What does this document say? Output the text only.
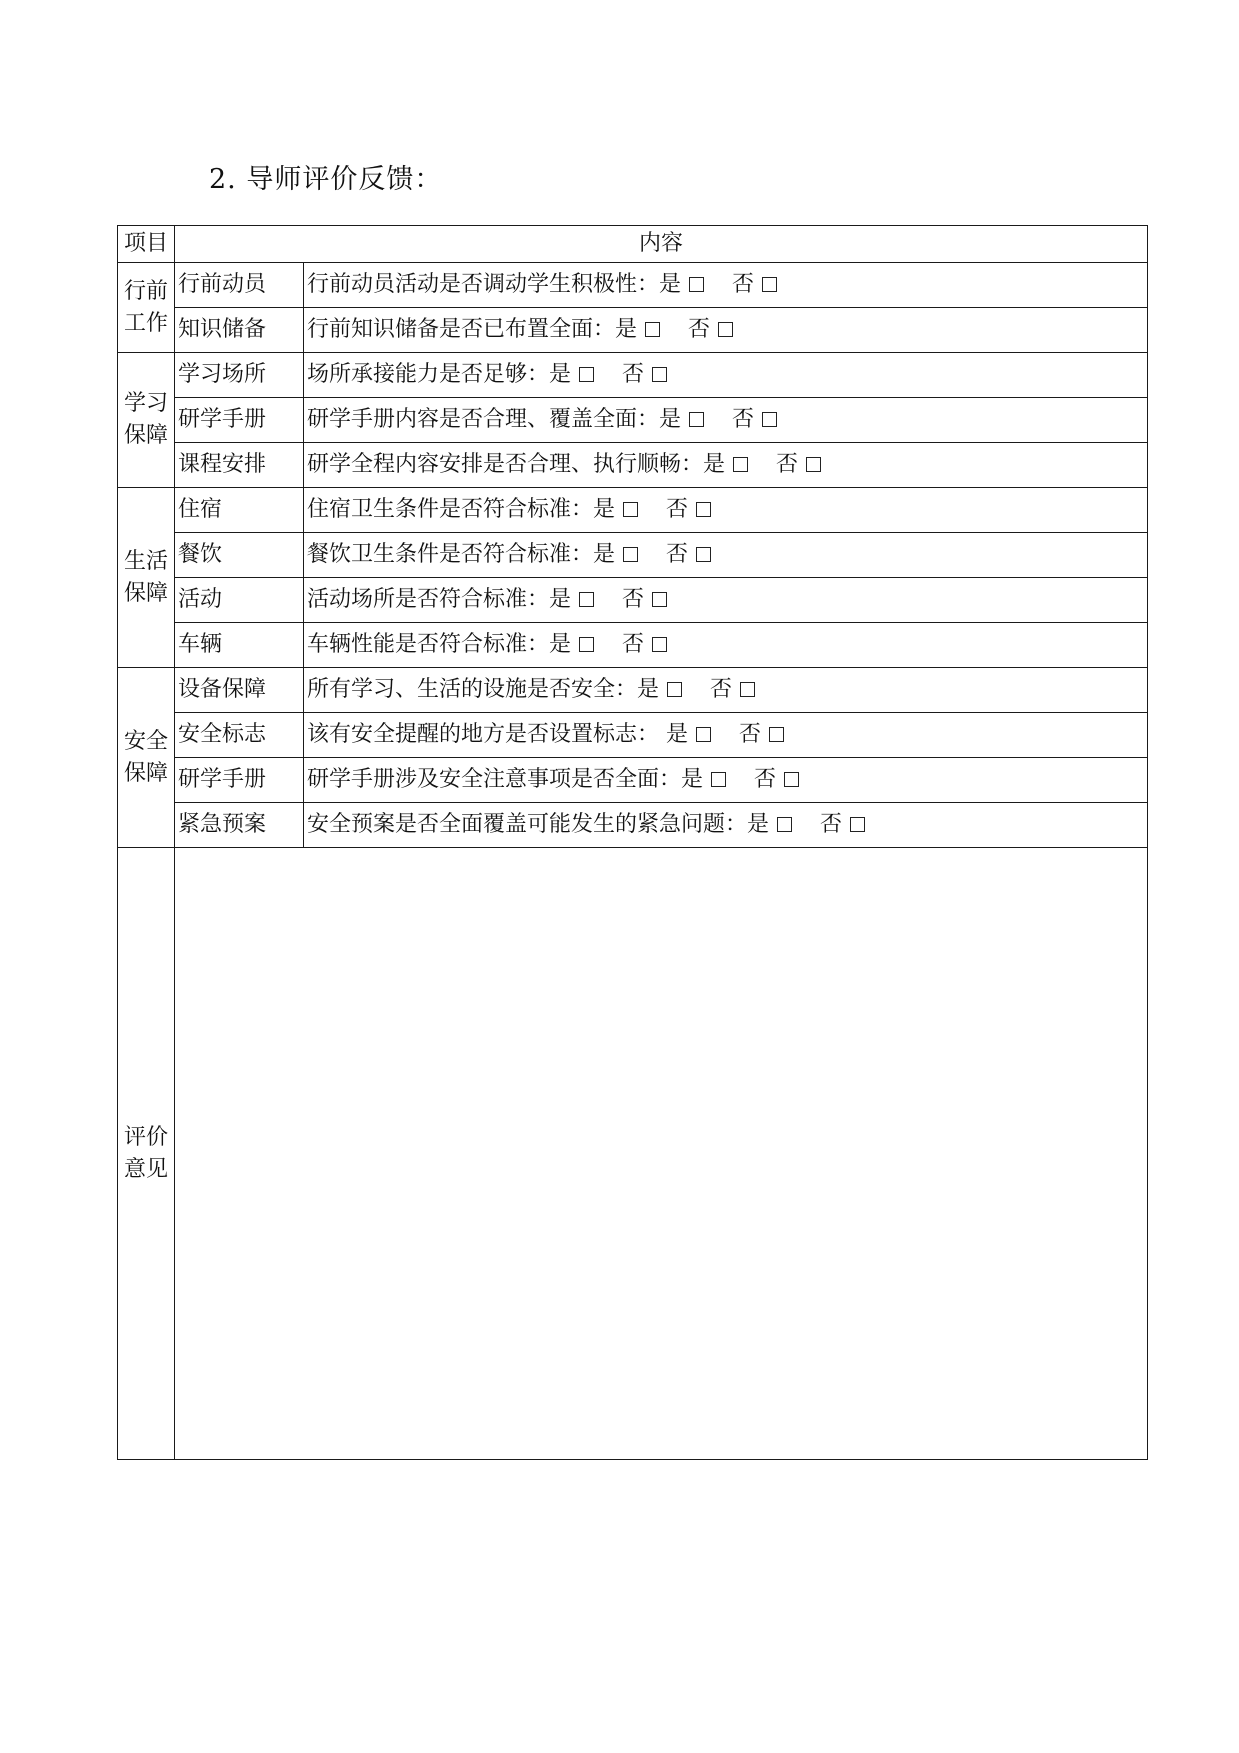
2. 导师评价反馈：
项目	内容	

行前
工作	行前动员	行前动员活动是否调动学生积极性：是 否
	知识储备	行前知识储备是否已布置全面：是 否

学习
保障	学习场所	场所承接能力是否足够：是 否
	研学手册	研学手册内容是否合理、覆盖全面：是 否
	课程安排	研学全程内容安排是否合理、执行顺畅：是 否

生活
保障	住宿	住宿卫生条件是否符合标准：是 否
	餐饮	餐饮卫生条件是否符合标准：是 否
	活动	活动场所是否符合标准：是 否
	车辆	车辆性能是否符合标准：是 否

安全
保障	设备保障	所有学习、生活的设施是否安全：是 否
	安全标志	该有安全提醒的地方是否设置标志： 是 否
	研学手册	研学手册涉及安全注意事项是否全面：是 否
	紧急预案	安全预案是否全面覆盖可能发生的紧急问题：是 否

评价
意见		
